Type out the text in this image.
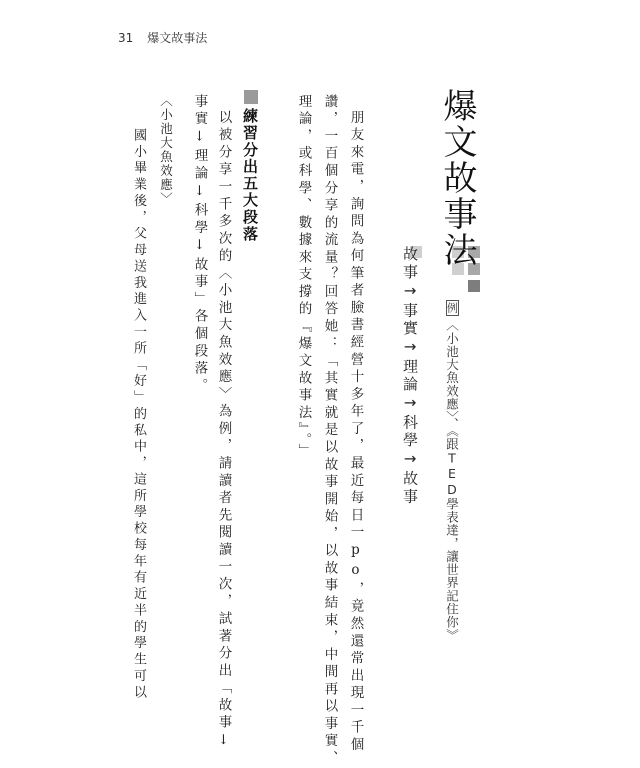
31 爆文故事法
爆文故事法
例〈小池大魚效應〉、《跟TED學表達，讓世界記住你》
故事→事實→理論→科學→故事
朋友來電，詢問為何筆者臉書經營十多年了，最近每日一po，竟然還常出現一千個
讚，一百個分享的流量？回答她：「其實就是以故事開始，以故事結束，中間再以事實、
理論，或科學、數據來支撐的『爆文故事法』。」
練習分出五大段落
以被分享一千多次的〈小池大魚效應〉為例，請讀者先閱讀一次，試著分出「故事↓
事實↓理論↓科學↓故事」各個段落。
〈小池大魚效應〉
國小畢業後，父母送我進入一所「好」的私中，這所學校每年有近半的學生可以
